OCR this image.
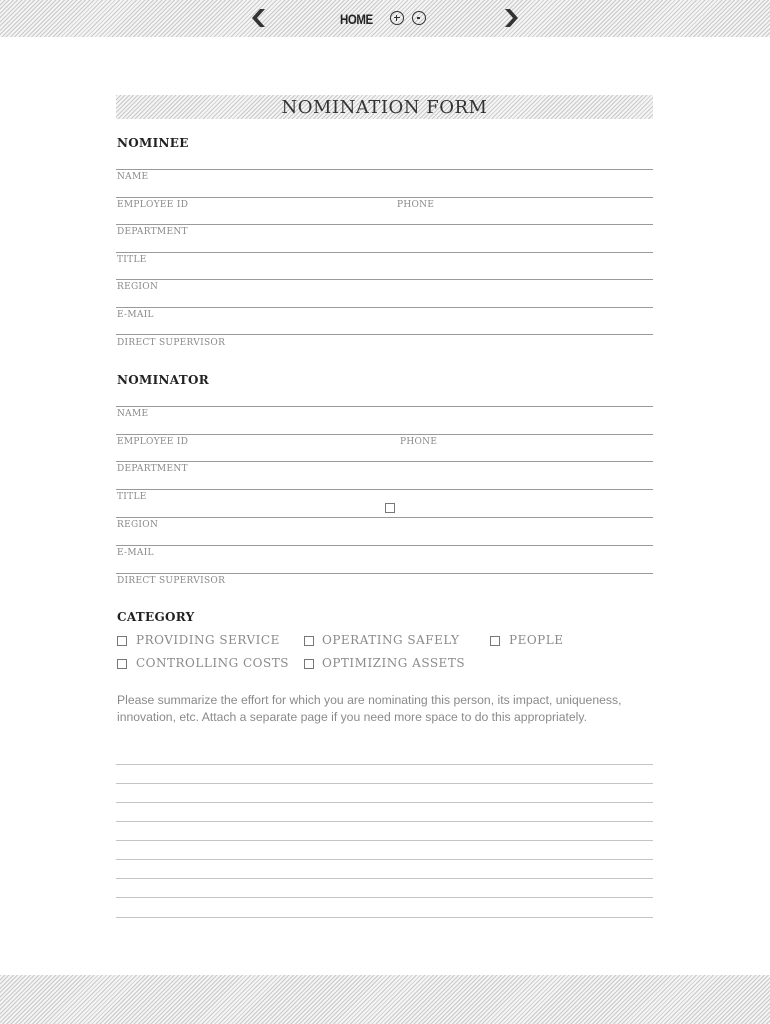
HOME
NOMINATION FORM
NOMINEE
NAME
EMPLOYEE ID	PHONE
DEPARTMENT
TITLE
REGION
E-MAIL
DIRECT SUPERVISOR
NOMINATOR
NAME
EMPLOYEE ID	PHONE
DEPARTMENT
TITLE
REGION
E-MAIL
DIRECT SUPERVISOR
CATEGORY
PROVIDING SERVICE	OPERATING SAFELY	PEOPLE
CONTROLLING COSTS	OPTIMIZING ASSETS
Please summarize the effort for which you are nominating this person, its impact, uniqueness, innovation, etc. Attach a separate page if you need more space to do this appropriately.
